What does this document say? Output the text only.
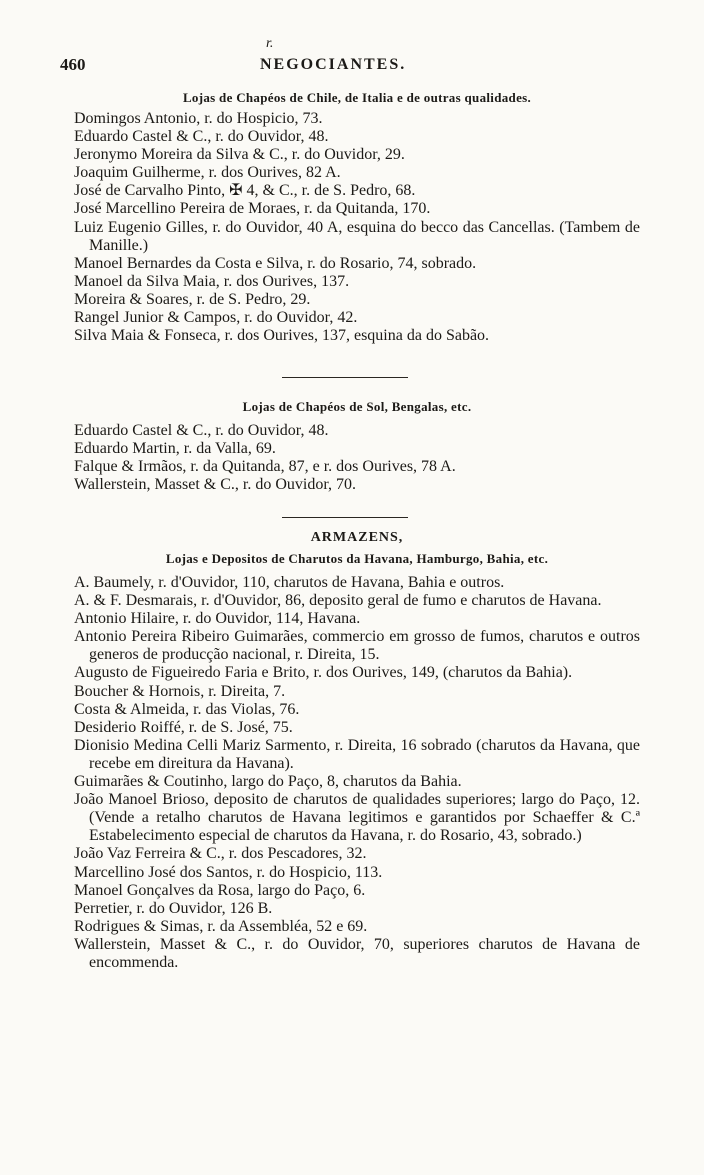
r.
460	NEGOCIANTES.
Lojas de Chapéos de Chile, de Italia e de outras qualidades.
Domingos Antonio, r. do Hospicio, 73.
Eduardo Castel & C., r. do Ouvidor, 48.
Jeronymo Moreira da Silva & C., r. do Ouvidor, 29.
Joaquim Guilherme, r. dos Ourives, 82 A.
José de Carvalho Pinto, ✠ 4, & C., r. de S. Pedro, 68.
José Marcellino Pereira de Moraes, r. da Quitanda, 170.
Luiz Eugenio Gilles, r. do Ouvidor, 40 A, esquina do becco das Cancellas. (Tambem de Manille.)
Manoel Bernardes da Costa e Silva, r. do Rosario, 74, sobrado.
Manoel da Silva Maia, r. dos Ourives, 137.
Moreira & Soares, r. de S. Pedro, 29.
Rangel Junior & Campos, r. do Ouvidor, 42.
Silva Maia & Fonseca, r. dos Ourives, 137, esquina da do Sabão.
Lojas de Chapéos de Sol, Bengalas, etc.
Eduardo Castel & C., r. do Ouvidor, 48.
Eduardo Martin, r. da Valla, 69.
Falque & Irmãos, r. da Quitanda, 87, e r. dos Ourives, 78 A.
Wallerstein, Masset & C., r. do Ouvidor, 70.
ARMAZENS,
Lojas e Depositos de Charutos da Havana, Hamburgo, Bahia, etc.
A. Baumely, r. d'Ouvidor, 110, charutos de Havana, Bahia e outros.
A. & F. Desmarais, r. d'Ouvidor, 86, deposito geral de fumo e charutos de Havana.
Antonio Hilaire, r. do Ouvidor, 114, Havana.
Antonio Pereira Ribeiro Guimarães, commercio em grosso de fumos, charutos e outros generos de producção nacional, r. Direita, 15.
Augusto de Figueiredo Faria e Brito, r. dos Ourives, 149, (charutos da Bahia).
Boucher & Hornois, r. Direita, 7.
Costa & Almeida, r. das Violas, 76.
Desiderio Roiffé, r. de S. José, 75.
Dionisio Medina Celli Mariz Sarmento, r. Direita, 16 sobrado (charutos da Havana, que recebe em direitura da Havana).
Guimarães & Coutinho, largo do Paço, 8, charutos da Bahia.
João Manoel Brioso, deposito de charutos de qualidades superiores; largo do Paço, 12. (Vende a retalho charutos de Havana legitimos e garantidos por Schaeffer & C.ª Estabelecimento especial de charutos da Havana, r. do Rosario, 43, sobrado.)
João Vaz Ferreira & C., r. dos Pescadores, 32.
Marcellino José dos Santos, r. do Hospicio, 113.
Manoel Gonçalves da Rosa, largo do Paço, 6.
Perretier, r. do Ouvidor, 126 B.
Rodrigues & Simas, r. da Assembléa, 52 e 69.
Wallerstein, Masset & C., r. do Ouvidor, 70, superiores charutos de Havana de encommenda.
